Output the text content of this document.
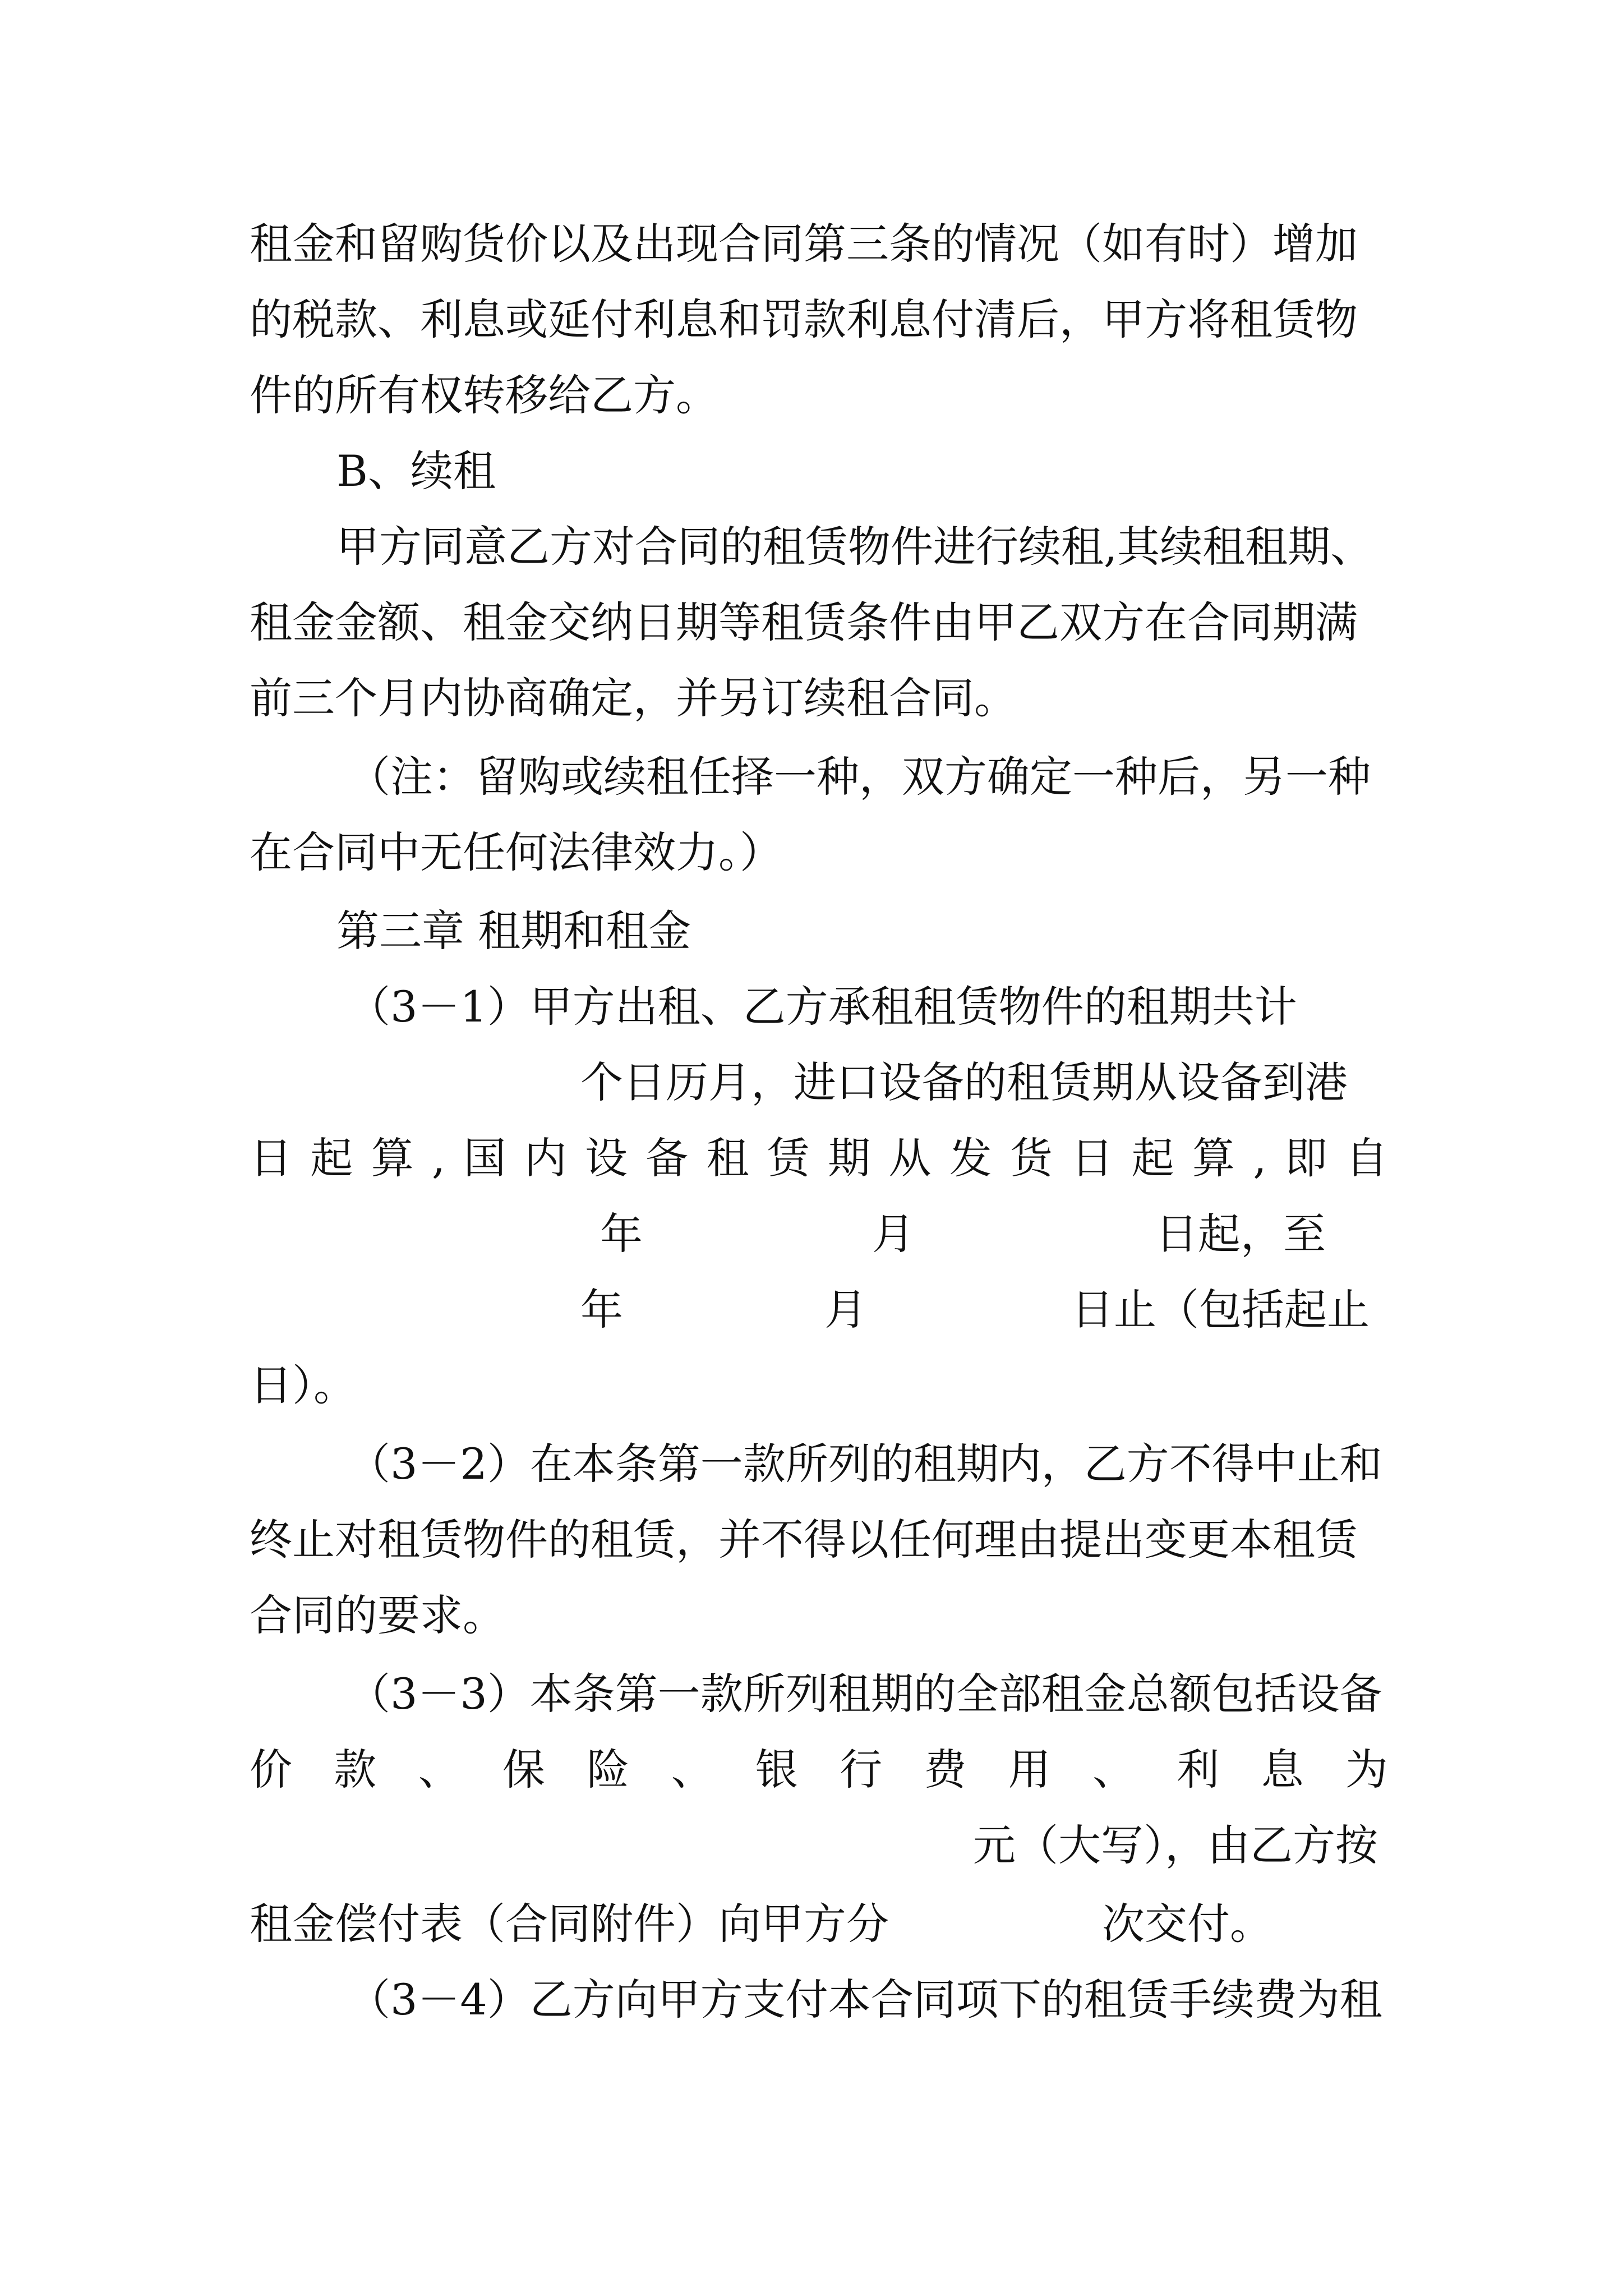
租金和留购货价以及出现合同第三条的情况（如有时）增加
的税款、利息或延付利息和罚款利息付清后，甲方将租赁物
件的所有权转移给乙方。
B、续租
甲方同意乙方对合同的租赁物件进行续租,其续租租期、
租金金额、租金交纳日期等租赁条件由甲乙双方在合同期满
前三个月内协商确定，并另订续租合同。
（注：留购或续租任择一种，双方确定一种后，另一种
在合同中无任何法律效力。）
第三章 租期和租金
（3－1）甲方出租、乙方承租租赁物件的租期共计
个日历月，进口设备的租赁期从设备到港
日 起 算 , 国 内 设 备 租 赁 期 从 发 货 日 起 算 , 即 自
年	月	日起，至
年	月	日止（包括起止
日）。
（3－2）在本条第一款所列的租期内，乙方不得中止和
终止对租赁物件的租赁，并不得以任何理由提出变更本租赁
合同的要求。
（3－3）本条第一款所列租期的全部租金总额包括设备
价 款 、 保 险 、 银 行 费 用 、 利 息 为
元（大写），由乙方按
租金偿付表（合同附件）向甲方分	次交付。
（3－4）乙方向甲方支付本合同项下的租赁手续费为租
